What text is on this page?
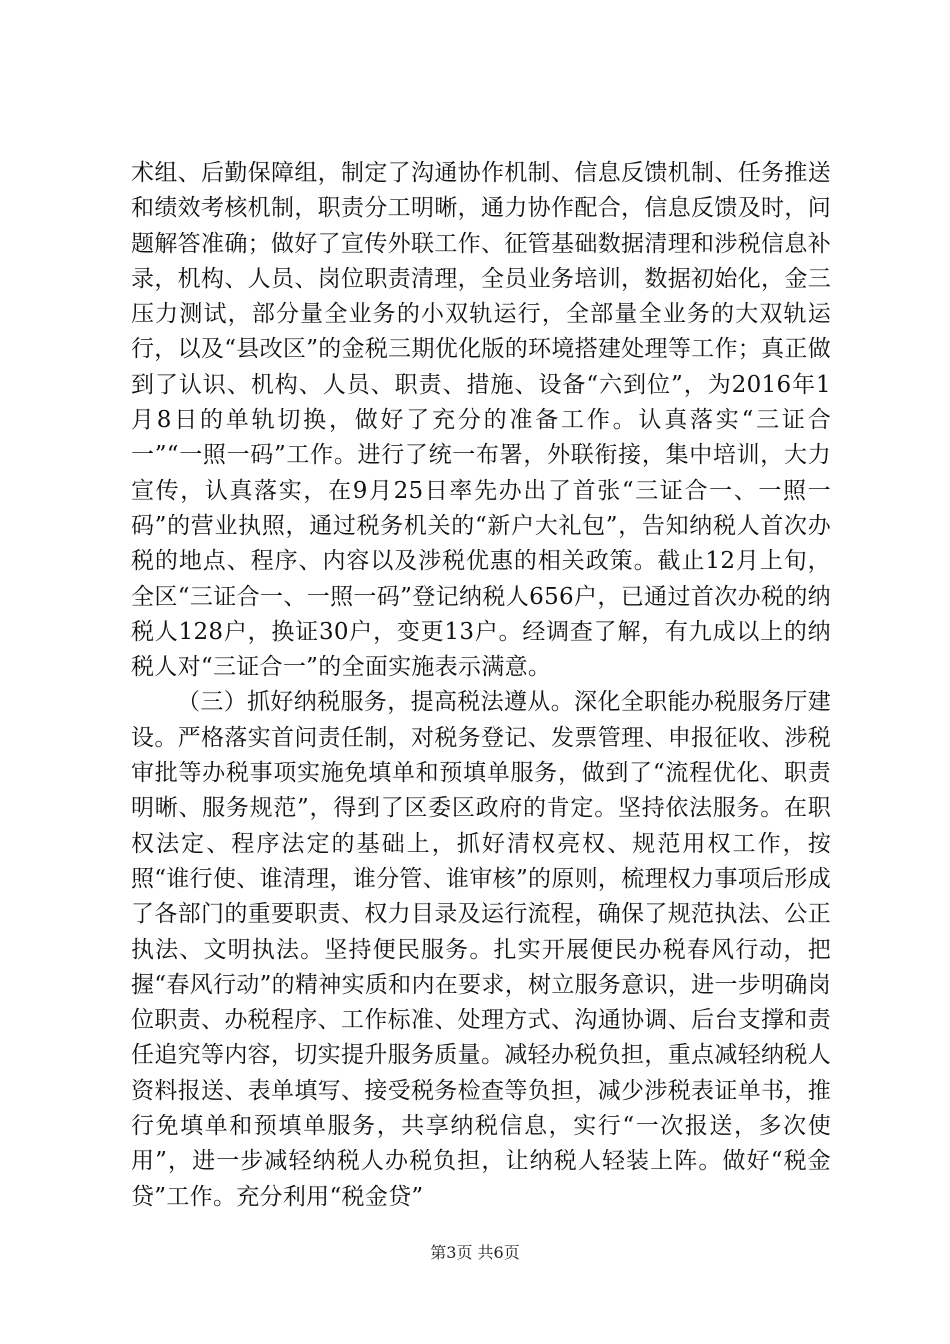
术组、后勤保障组，制定了沟通协作机制、信息反馈机制、任务推送和绩效考核机制，职责分工明晰，通力协作配合，信息反馈及时，问题解答准确；做好了宣传外联工作、征管基础数据清理和涉税信息补录，机构、人员、岗位职责清理，全员业务培训，数据初始化，金三压力测试，部分量全业务的小双轨运行，全部量全业务的大双轨运行，以及“县改区”的金税三期优化版的环境搭建处理等工作；真正做到了认识、机构、人员、职责、措施、设备“六到位”，为2016年1月8日的单轨切换，做好了充分的准备工作。认真落实“三证合一”“一照一码”工作。进行了统一布署，外联衔接，集中培训，大力宣传，认真落实，在9月25日率先办出了首张“三证合一、一照一码”的营业执照，通过税务机关的“新户大礼包”，告知纳税人首次办税的地点、程序、内容以及涉税优惠的相关政策。截止12月上旬，全区“三证合一、一照一码”登记纳税人656户，已通过首次办税的纳税人128户，换证30户，变更13户。经调查了解，有九成以上的纳税人对“三证合一”的全面实施表示满意。

（三）抓好纳税服务，提高税法遵从。深化全职能办税服务厅建设。严格落实首问责任制，对税务登记、发票管理、申报征收、涉税审批等办税事项实施免填单和预填单服务，做到了“流程优化、职责明晰、服务规范”，得到了区委区政府的肯定。坚持依法服务。在职权法定、程序法定的基础上，抓好清权亮权、规范用权工作，按照“谁行使、谁清理，谁分管、谁审核”的原则，梳理权力事项后形成了各部门的重要职责、权力目录及运行流程，确保了规范执法、公正执法、文明执法。坚持便民服务。扎实开展便民办税春风行动，把握“春风行动”的精神实质和内在要求，树立服务意识，进一步明确岗位职责、办税程序、工作标准、处理方式、沟通协调、后台支撑和责任追究等内容，切实提升服务质量。减轻办税负担，重点减轻纳税人资料报送、表单填写、接受税务检查等负担，减少涉税表证单书，推行免填单和预填单服务，共享纳税信息，实行“一次报送，多次使用”，进一步减轻纳税人办税负担，让纳税人轻装上阵。做好“税金贷”工作。充分利用“税金贷”

第3页 共6页
